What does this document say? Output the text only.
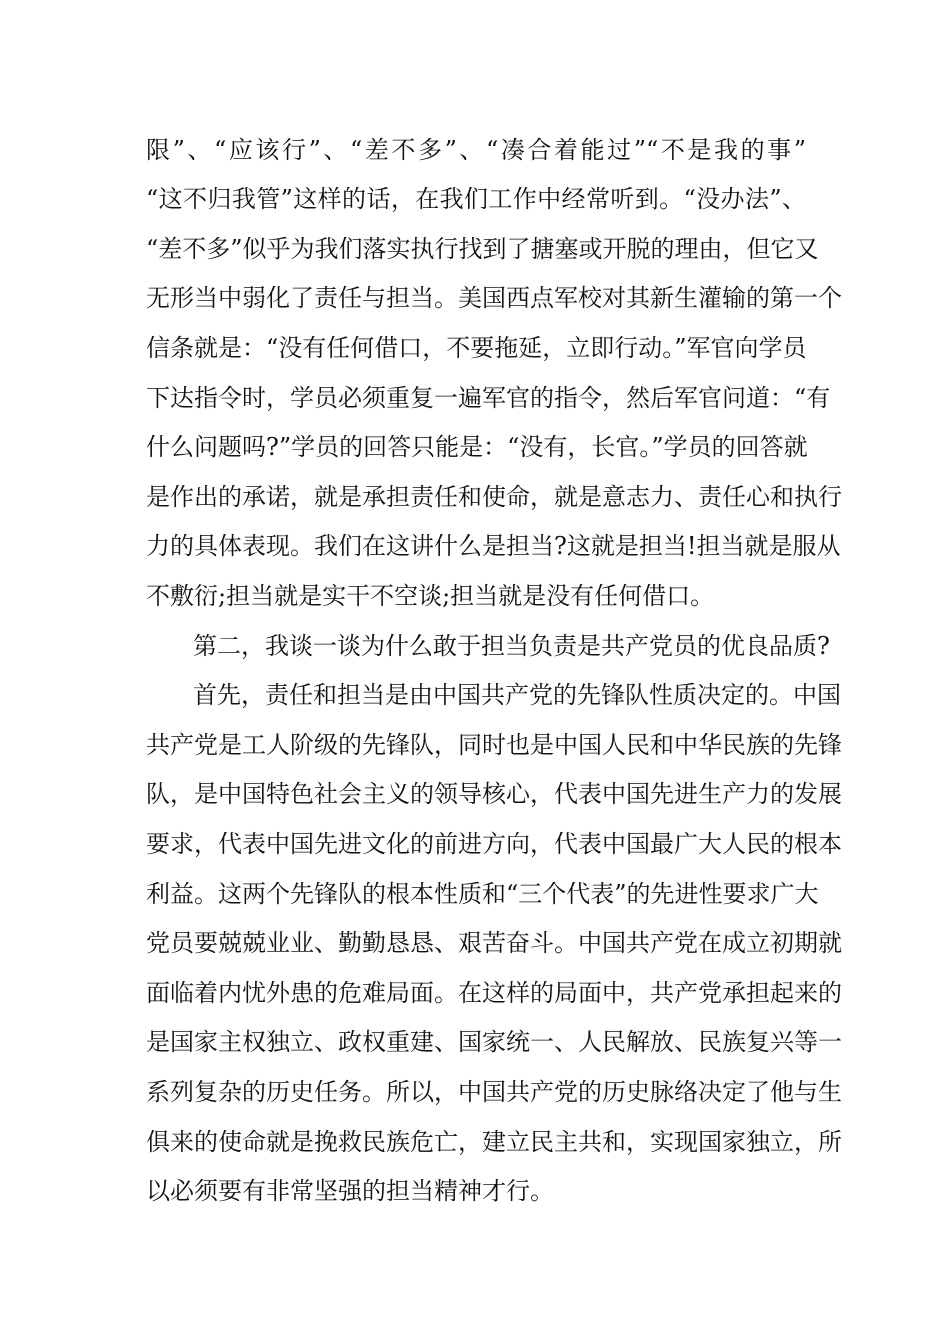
限”、“应该行”、“差不多”、“凑合着能过”“不是我的事”
“这不归我管”这样的话，在我们工作中经常听到。“没办法”、
“差不多”似乎为我们落实执行找到了搪塞或开脱的理由，但它又
无形当中弱化了责任与担当。美国西点军校对其新生灌输的第一个
信条就是：“没有任何借口，不要拖延，立即行动。”军官向学员
下达指令时，学员必须重复一遍军官的指令，然后军官问道：“有
什么问题吗?”学员的回答只能是：“没有，长官。”学员的回答就
是作出的承诺，就是承担责任和使命，就是意志力、责任心和执行
力的具体表现。我们在这讲什么是担当?这就是担当!担当就是服从
不敷衍;担当就是实干不空谈;担当就是没有任何借口。
第二，我谈一谈为什么敢于担当负责是共产党员的优良品质?
首先，责任和担当是由中国共产党的先锋队性质决定的。中国
共产党是工人阶级的先锋队，同时也是中国人民和中华民族的先锋
队，是中国特色社会主义的领导核心，代表中国先进生产力的发展
要求，代表中国先进文化的前进方向，代表中国最广大人民的根本
利益。这两个先锋队的根本性质和“三个代表”的先进性要求广大
党员要兢兢业业、勤勤恳恳、艰苦奋斗。中国共产党在成立初期就
面临着内忧外患的危难局面。在这样的局面中，共产党承担起来的
是国家主权独立、政权重建、国家统一、人民解放、民族复兴等一
系列复杂的历史任务。所以，中国共产党的历史脉络决定了他与生
俱来的使命就是挽救民族危亡，建立民主共和，实现国家独立，所
以必须要有非常坚强的担当精神才行。
